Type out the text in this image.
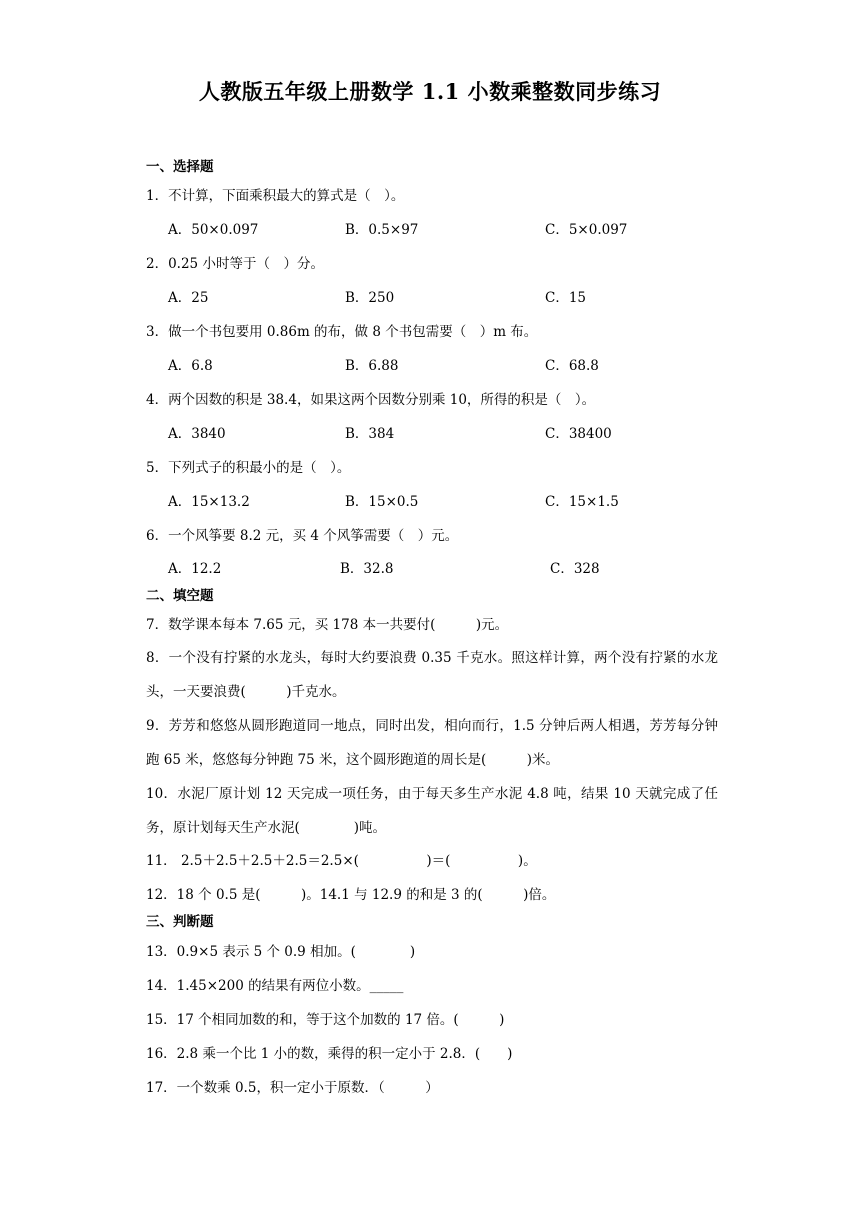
人教版五年级上册数学 1.1 小数乘整数同步练习
一、选择题
1．不计算，下面乘积最大的算式是（　）。
A．50×0.097	B．0.5×97	C．5×0.097
2．0.25 小时等于（　）分。
A．25	B．250	C．15
3．做一个书包要用 0.86m 的布，做 8 个书包需要（　）m 布。
A．6.8	B．6.88	C．68.8
4．两个因数的积是 38.4，如果这两个因数分别乘 10，所得的积是（　）。
A．3840	B．384	C．38400
5．下列式子的积最小的是（　）。
A．15×13.2	B．15×0.5	C．15×1.5
6．一个风筝要 8.2 元，买 4 个风筝需要（　）元。
A．12.2	B．32.8	C．328
二、填空题
7．数学课本每本 7.65 元，买 178 本一共要付(　　　)元。
8．一个没有拧紧的水龙头，每时大约要浪费 0.35 千克水。照这样计算，两个没有拧紧的水龙头，一天要浪费(　　　)千克水。
9．芳芳和悠悠从圆形跑道同一地点，同时出发，相向而行，1.5 分钟后两人相遇，芳芳每分钟跑 65 米，悠悠每分钟跑 75 米，这个圆形跑道的周长是(　　　)米。
10．水泥厂原计划 12 天完成一项任务，由于每天多生产水泥 4.8 吨，结果 10 天就完成了任务，原计划每天生产水泥(　　　　)吨。
11． 2.5＋2.5＋2.5＋2.5＝2.5×(　　　　　)＝(　　　　　)。
12．18 个 0.5 是(　　　)。14.1 与 12.9 的和是 3 的(　　　)倍。
三、判断题
13．0.9×5 表示 5 个 0.9 相加。(　　　　)
14．1.45×200 的结果有两位小数。_____
15．17 个相同加数的和，等于这个加数的 17 倍。(　　　)
16．2.8 乘一个比 1 小的数，乘得的积一定小于 2.8．(　　)
17．一个数乘 0.5，积一定小于原数．（　　　）
